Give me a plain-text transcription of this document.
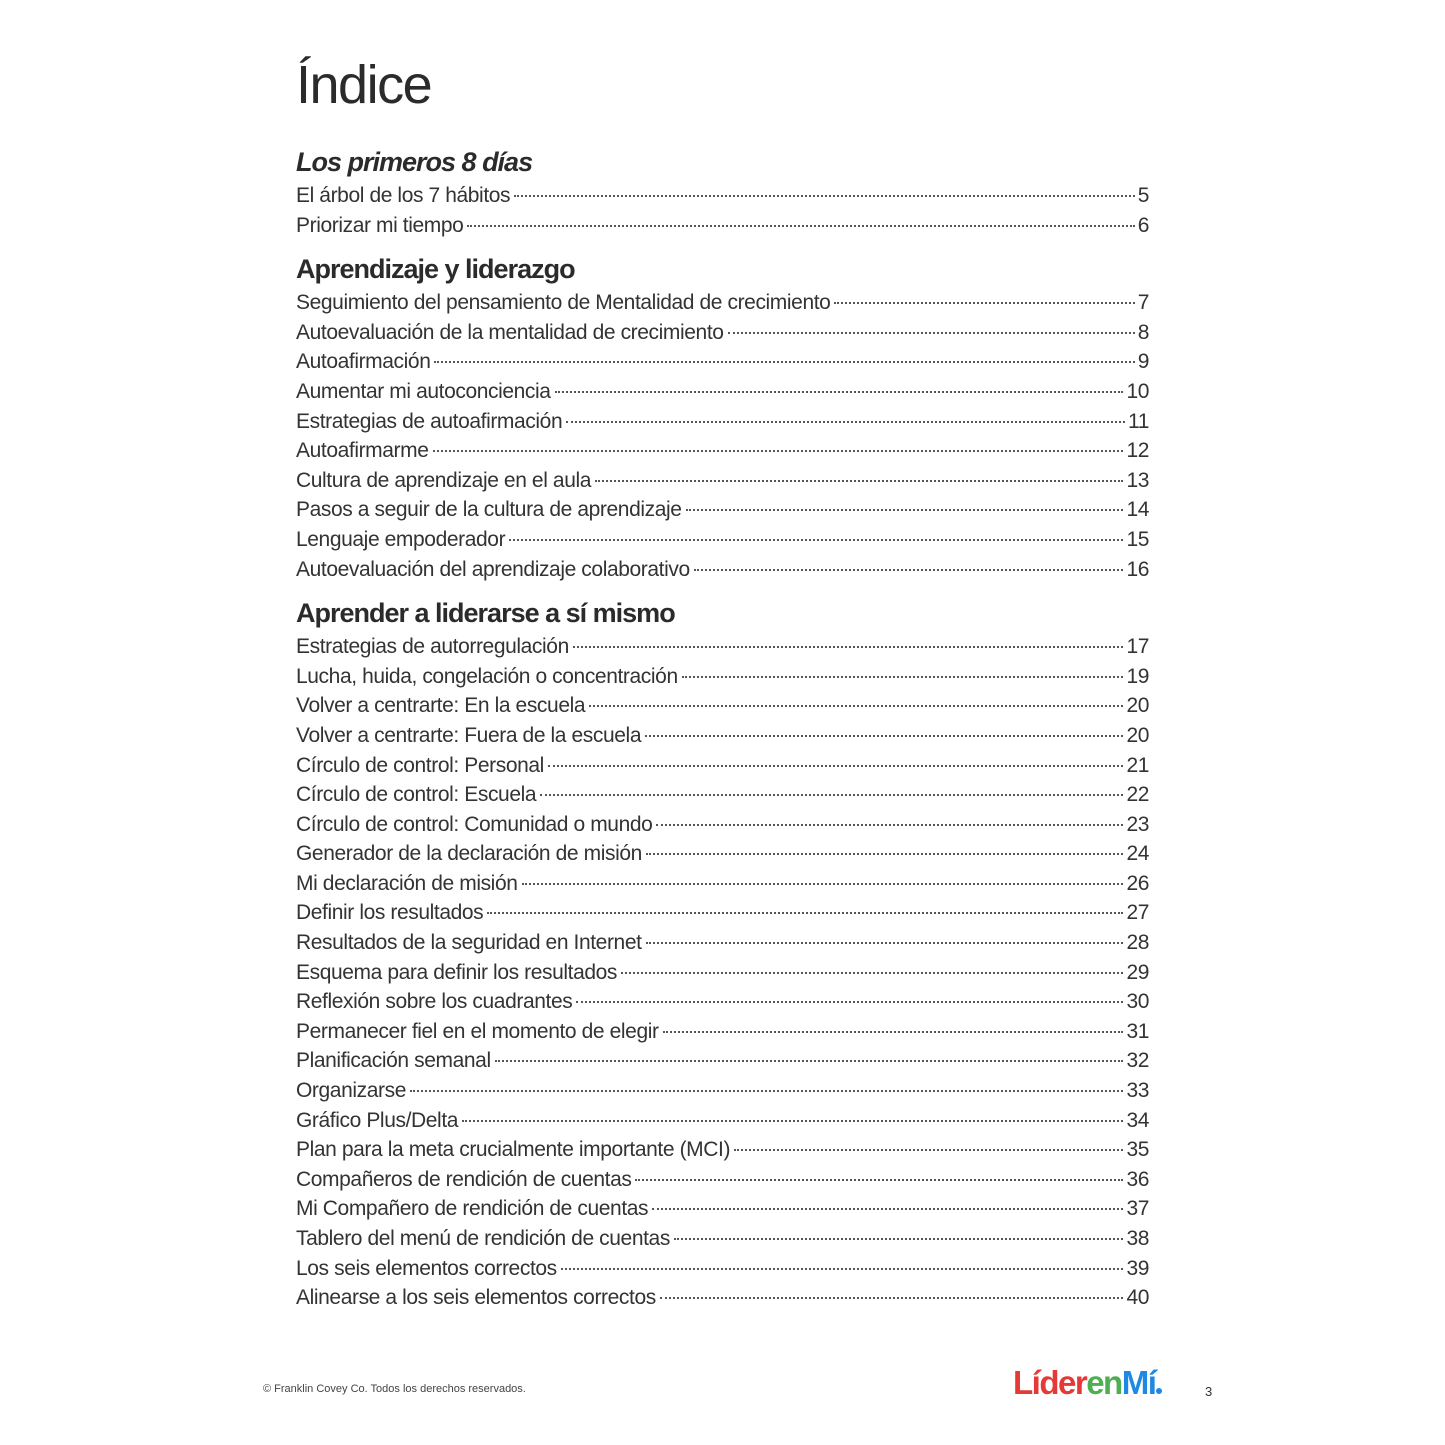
Índice
Los primeros 8 días
El árbol de los 7 hábitos	5
Priorizar mi tiempo	6
Aprendizaje y liderazgo
Seguimiento del pensamiento de Mentalidad de crecimiento	7
Autoevaluación de la mentalidad de crecimiento	8
Autoafirmación	9
Aumentar mi autoconciencia	10
Estrategias de autoafirmación	11
Autoafirmarme	12
Cultura de aprendizaje en el aula	13
Pasos a seguir de la cultura de aprendizaje	14
Lenguaje empoderador	15
Autoevaluación del aprendizaje colaborativo	16
Aprender a liderarse a sí mismo
Estrategias de autorregulación	17
Lucha, huida, congelación o concentración	19
Volver a centrarte: En la escuela	20
Volver a centrarte: Fuera de la escuela	20
Círculo de control: Personal	21
Círculo de control: Escuela	22
Círculo de control: Comunidad o mundo	23
Generador de la declaración de misión	24
Mi declaración de misión	26
Definir los resultados	27
Resultados de la seguridad en Internet	28
Esquema para definir los resultados	29
Reflexión sobre los cuadrantes	30
Permanecer fiel en el momento de elegir	31
Planificación semanal	32
Organizarse	33
Gráfico Plus/Delta	34
Plan para la meta crucialmente importante (MCI)	35
Compañeros de rendición de cuentas	36
Mi Compañero de rendición de cuentas	37
Tablero del menú de rendición de cuentas	38
Los seis elementos correctos	39
Alinearse a los seis elementos correctos	40
© Franklin Covey Co. Todos los derechos reservados.	LíderenMí	3
